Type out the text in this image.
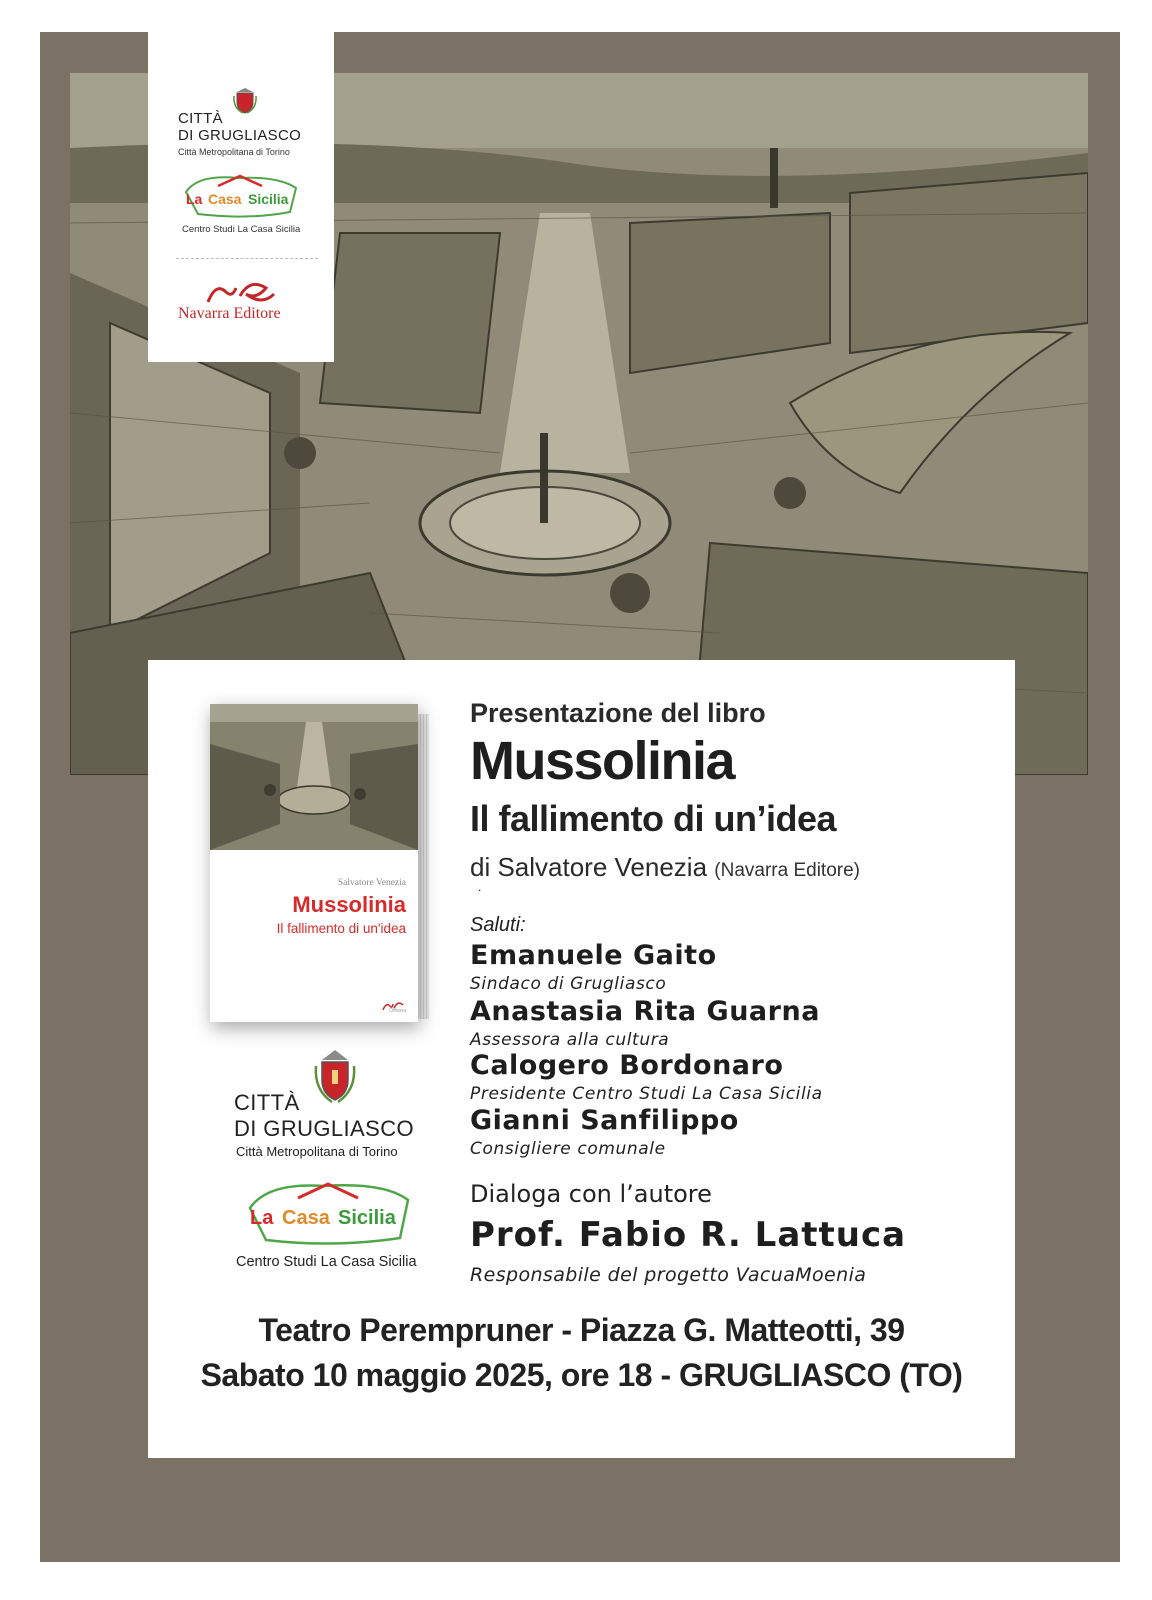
CITTÀ
DI GRUGLIASCO
Città Metropolitana di Torino
La Casa Sicilia
Centro Studi La Casa Sicilia
Navarra Editore
Salvatore Venezia
Mussolinia
Il fallimento di un'idea
Officina
CITTÀ
DI GRUGLIASCO
Città Metropolitana di Torino
La Casa Sicilia
Centro Studi La Casa Sicilia
Presentazione del libro
Mussolinia
Il fallimento di un’idea
di Salvatore Venezia (Navarra Editore)
.
Saluti:
Emanuele Gaito
Sindaco di Grugliasco
Anastasia Rita Guarna
Assessora alla cultura
Calogero Bordonaro
Presidente Centro Studi La Casa Sicilia
Gianni Sanfilippo
Consigliere comunale
Dialoga con l’autore
Prof. Fabio R. Lattuca
Responsabile del progetto VacuaMoenia
Teatro Perempruner - Piazza G. Matteotti, 39
Sabato 10 maggio 2025, ore 18 - GRUGLIASCO (TO)
